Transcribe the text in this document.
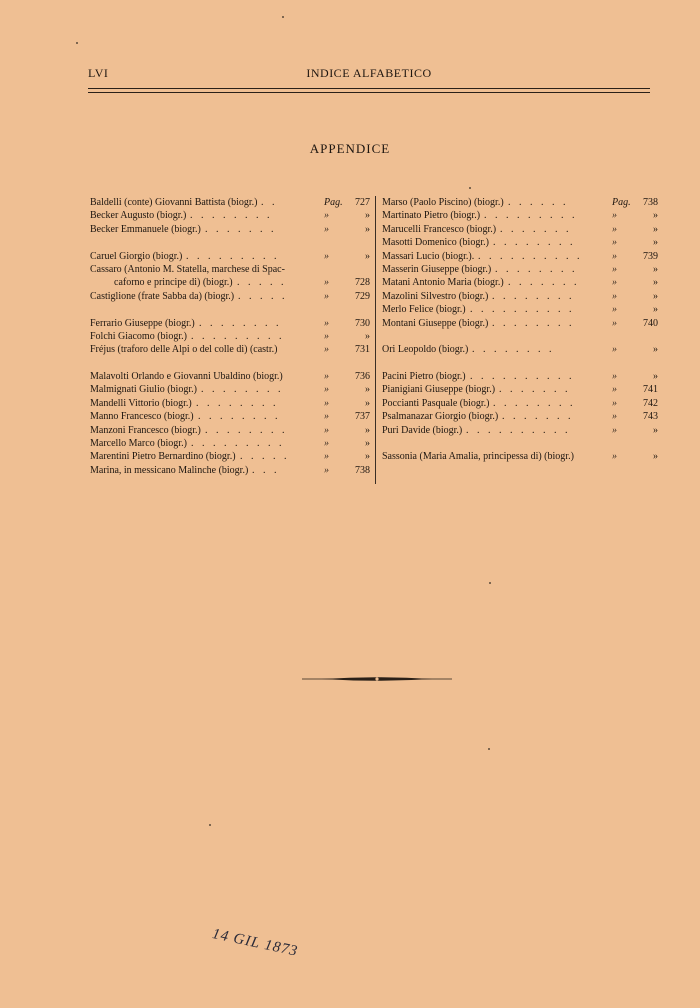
LVI	INDICE ALFABETICO
APPENDICE
Baldelli (conte) Giovanni Battista (biogr.) . .	Pag. 727
Becker Augusto (biogr.) . . . . . . . .	»	»
Becker Emmanuele (biogr.) . . . . . . .	»	»
Caruel Giorgio (biogr.) . . . . . . . . .	»	»
Cassaro (Antonio M. Statella, marchese di Spac-
caforno e principe di) (biogr.) . . . . .	»	728
Castiglione (frate Sabba da) (biogr.) . . . . .	»	729
Ferrario Giuseppe (biogr.) . . . . . . . .	»	730
Folchi Giacomo (biogr.) . . . . . . . . .	»	»
Fréjus (traforo delle Alpi o del colle di) (castr.)	»	731
Malavolti Orlando e Giovanni Ubaldino (biogr.)	»	736
Malmignati Giulio (biogr.) . . . . . . . .	»	»
Mandelli Vittorio (biogr.) . . . . . . . .	»	»
Manno Francesco (biogr.) . . . . . . . .	»	737
Manzoni Francesco (biogr.) . . . . . . . .	»	»
Marcello Marco (biogr.) . . . . . . . . .	»	»
Marentini Pietro Bernardino (biogr.) . . . . .	»	»
Marina, in messicano Malinche (biogr.) . . .	»	738
Marso (Paolo Piscino) (biogr.) . . . . . .	Pag. 738
Martinato Pietro (biogr.) . . . . . . . . .	»	»
Marucelli Francesco (biogr.) . . . . . . .	»	»
Masotti Domenico (biogr.) . . . . . . . .	»	»
Massari Lucio (biogr.). . . . . . . . . . .	»	739
Masserin Giuseppe (biogr.) . . . . . . . .	»	»
Matani Antonio Maria (biogr.) . . . . . . .	»	»
Mazolini Silvestro (biogr.) . . . . . . . .	»	»
Merlo Felice (biogr.) . . . . . . . . . .	»	»
Montani Giuseppe (biogr.) . . . . . . . .	»	740
Ori Leopoldo (biogr.) . . . . . . . .	»	»
Pacini Pietro (biogr.) . . . . . . . . . .	»	»
Pianigiani Giuseppe (biogr.) . . . . . . .	»	741
Poccianti Pasquale (biogr.) . . . . . . . .	»	742
Psalmanazar Giorgio (biogr.) . . . . . . .	»	743
Puri Davide (biogr.) . . . . . . . . . .	»	»
Sassonia (Maria Amalia, principessa di) (biogr.)	»	»
14 GIL 1873
